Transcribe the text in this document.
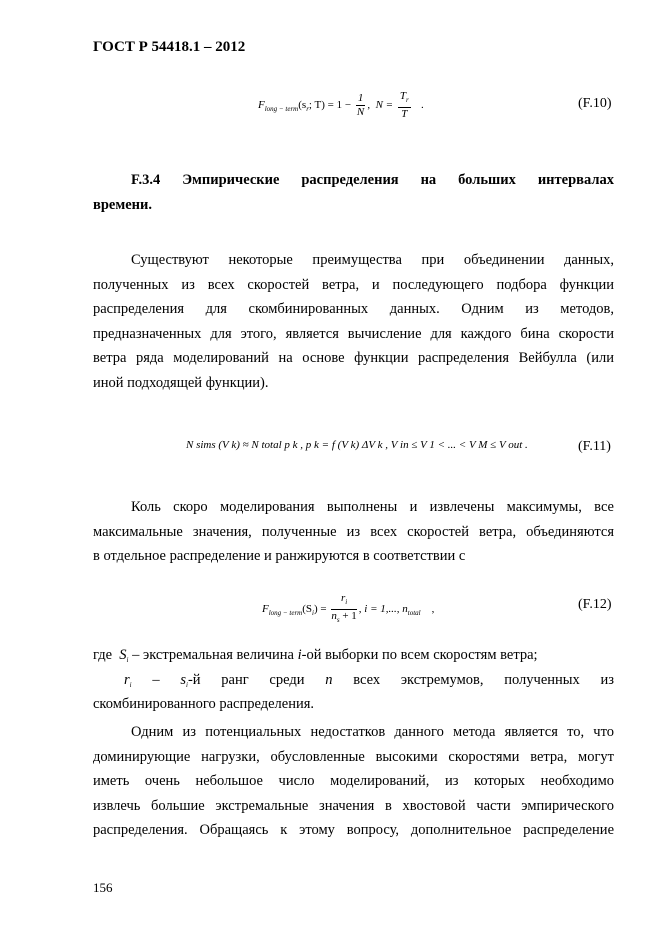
ГОСТ Р 54418.1 – 2012
$F_{long - term}(s_r$; $T) = 1 - \frac{1}{N}$ , $N = \frac{T_r}{T}$ .	(F.10)
F.3.4 Эмпирические распределения на больших интервалах
времени.
Существуют некоторые преимущества при объединении данных,
полученных из всех скоростей ветра, и последующего подбора функции
распределения для скомбинированных данных. Одним из методов,
предназначенных для этого, является вычисление для каждого бина скорости
ветра ряда моделирований на основе функции распределения Вейбулла (или
иной подходящей функции).
N sims (V k) ≈ N total p k , p k = f (V k) ΔV k , V in ≤ V 1 < ... < V M ≤ V out .	(F.11)
Коль скоро моделирования выполнены и извлечены максимумы, все
максимальные значения, полученные из всех скоростей ветра, объединяются
в отдельное распределение и ранжируются в соответствии с
$F_{long - term}(S_i) = \frac{r_i}{n_s + 1}$ , i = 1,..., $n_{total}$ ,	(F.12)
где $S_i$ – экстремальная величина i-ой выборки по всем скоростям ветра;
$r_i - s_i-й$ ранг среди n всех экстремумов, полученных из
скомбинированного распределения.
Одним из потенциальных недостатков данного метода является то, что
доминирующие нагрузки, обусловленные высокими скоростями ветра, могут
иметь очень небольшое число моделирований, из которых необходимо
извлечь большие экстремальные значения в хвостовой части эмпирического
распределения. Обращаясь к этому вопросу, дополнительное распределение
156
